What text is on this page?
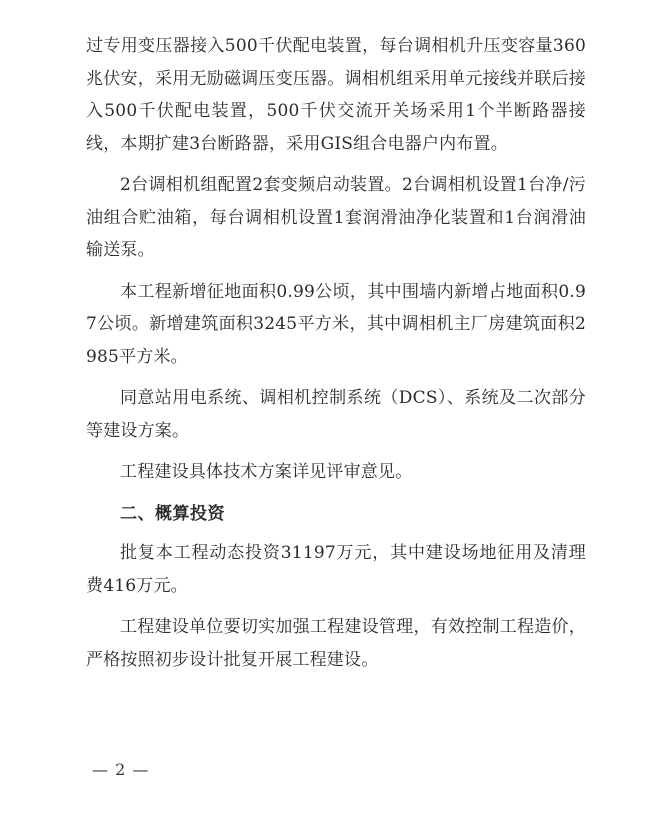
过专用变压器接入500千伏配电装置，每台调相机升压变容量360兆伏安，采用无励磁调压变压器。调相机组采用单元接线并联后接入500千伏配电装置，500千伏交流开关场采用1个半断路器接线，本期扩建3台断路器，采用GIS组合电器户内布置。

2台调相机组配置2套变频启动装置。2台调相机设置1台净/污油组合贮油箱，每台调相机设置1套润滑油净化装置和1台润滑油输送泵。

本工程新增征地面积0.99公顷，其中围墙内新增占地面积0.97公顷。新增建筑面积3245平方米，其中调相机主厂房建筑面积2985平方米。

同意站用电系统、调相机控制系统（DCS）、系统及二次部分等建设方案。

工程建设具体技术方案详见评审意见。

二、概算投资

批复本工程动态投资31197万元，其中建设场地征用及清理费416万元。

工程建设单位要切实加强工程建设管理，有效控制工程造价，严格按照初步设计批复开展工程建设。

— 2 —
